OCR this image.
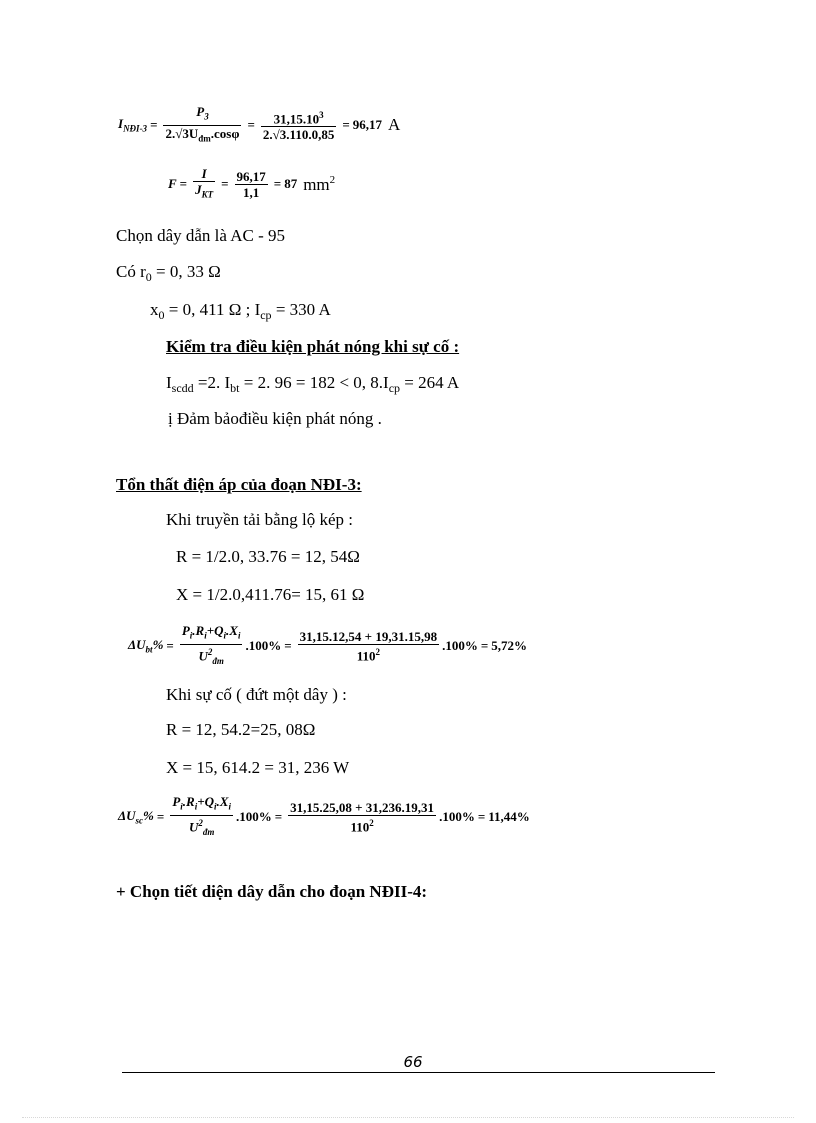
$I_{NĐI-3} = \frac{P_3}{2.√3U_{đm}.\cos\varphi} = \frac{31,15.10^3}{2.√3.110.0,85} = 96,17$ A
$F = \frac{I}{J_{KT}} = \frac{96,17}{1,1} = 87$ $mm^2$
Chọn dây dẫn là AC - 95
Có $r_0 = 0$, 33 Ω
$x_0 = 0$, 411 Ω ; $I_{cp} = 330$ A
Kiểm tra điều kiện phát nóng khi sự cố :
$I_{scdd} =2$. $I_{bt} = 2$. 96 = 182 < 0, $8.I_{cp} = 264$ A
ị Đảm bảođiều kiện phát nóng .
Tổn thất điện áp của đoạn NĐI-3:
Khi truyền tải bằng lộ kép :
R = 1/2.0, 33.76 = 12, 54Ω
X = 1/2.0,411.76= 15, 61 Ω
$\Delta U_{bt}\% = \frac{P_i.R_i+Q_i.X_i}{U^2_{đm}} .100\% = \frac{31,15.12,54 + 19,31.15,98}{110^2} .100\% = 5,72\%$
Khi sự cố ( đứt một dây ) :
R = 12, 54.2=25, 08Ω
X = 15, 614.2 = 31, 236 W
$\Delta U_{sc}\% = \frac{P_i.R_i+Q_i.X_i}{U^2_{đm}} .100\% = \frac{31,15.25,08 + 31,236.19,31}{110^2} .100\% = 11,44\%$
+ Chọn tiết diện dây dẫn cho đoạn NĐII-4:
66
